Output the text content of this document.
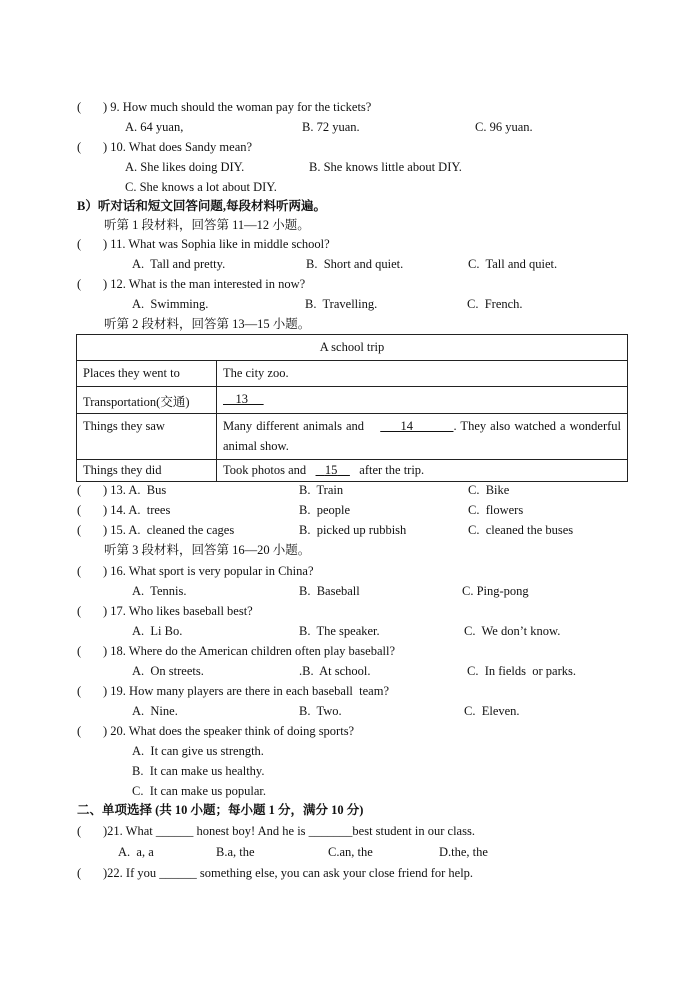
( ) 9. How much should the woman pay for the tickets?
A. 64 yuan,	B. 72 yuan.	C. 96 yuan.
( ) 10. What does Sandy mean?
A. She likes doing DIY.	B. She knows little about DIY.
C. She knows a lot about DIY.
B）听对话和短文回答问题,每段材料听两遍。
听第 1 段材料，回答第 11—12 小题。
( ) 11. What was Sophia like in middle school?
A.  Tall and pretty.	B.  Short and quiet.	C.  Tall and quiet.
( ) 12. What is the man interested in now?
A.  Swimming.	B.  Travelling.	C.  French.
听第 2 段材料，回答第 13—15 小题。
A school trip	
Places they went to	The city zoo.
Transportation(交通)	13
Things they saw	Many different animals and 14 . They also watched a wonderful animal show.
Things they did	Took photos and 15 after the trip.
( ) 13. A.  Bus	B.  Train	C.  Bike
( ) 14. A.  trees	B.  people	C.  flowers
( ) 15. A.  cleaned the cages	B.  picked up rubbish	C.  cleaned the buses
听第 3 段材料，回答第 16—20 小题。
( ) 16. What sport is very popular in China?
A.  Tennis.	B.  Baseball	C. Ping-pong
( ) 17. Who likes baseball best?
A.  Li Bo.	B.  The speaker.	C.  We don’t know.
( ) 18. Where do the American children often play baseball?
A.  On streets.	.B.  At school.	C.  In fields  or parks.
( ) 19. How many players are there in each baseball  team?
A.  Nine.	B.  Two.	C.  Eleven.
( ) 20. What does the speaker think of doing sports?
A.  It can give us strength.
B.  It can make us healthy.
C.  It can make us popular.
二、单项选择 (共 10 小题；每小题 1 分，满分 10 分)
( )21. What ______ honest boy! And he is _______best student in our class.
A.  a, a	B.a, the	C.an, the	D.the, the
( )22. If you ______ something else, you can ask your close friend for help.
